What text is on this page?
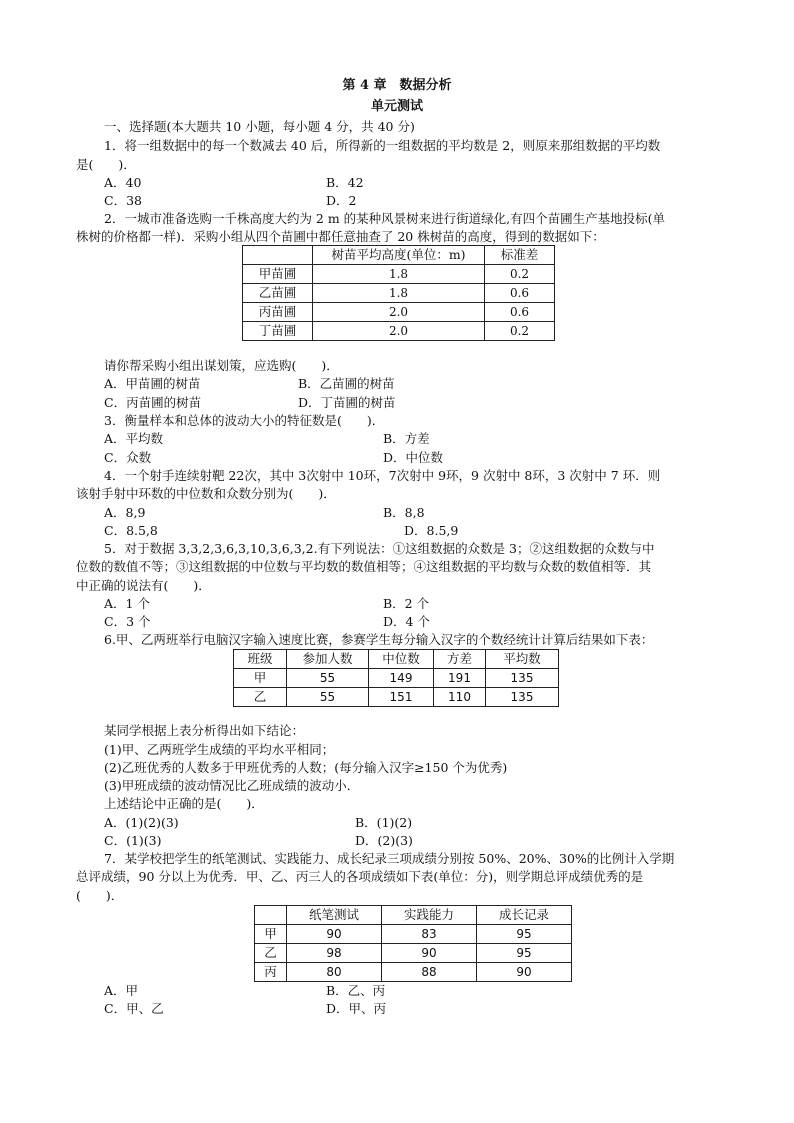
第 4 章　数据分析
单元测试
一、选择题(本大题共 10 小题，每小题 4 分，共 40 分)
1．将一组数据中的每一个数减去 40 后，所得新的一组数据的平均数是 2，则原来那组数据的平均数
是(　　)．
A．40	B．42
C．38	D．2
2．一城市准备选购一千株高度大约为 2 m 的某种风景树来进行街道绿化,有四个苗圃生产基地投标(单
株树的价格都一样)．采购小组从四个苗圃中都任意抽查了 20 株树苗的高度，得到的数据如下：
	树苗平均高度(单位：m)	标准差
甲苗圃	1.8	0.2
乙苗圃	1.8	0.6
丙苗圃	2.0	0.6
丁苗圃	2.0	0.2
请你帮采购小组出谋划策，应选购(　　)．
A．甲苗圃的树苗	B．乙苗圃的树苗
C．丙苗圃的树苗	D．丁苗圃的树苗
3．衡量样本和总体的波动大小的特征数是(　　)．
A．平均数	B．方差
C．众数	D．中位数
4．一个射手连续射靶 22次，其中 3次射中 10环，7次射中 9环，9 次射中 8环，3 次射中 7 环．则
该射手射中环数的中位数和众数分别为(　　)．
A．8,9	B．8,8
C．8.5,8	D．8.5,9
5．对于数据 3,3,2,3,6,3,10,3,6,3,2.有下列说法：①这组数据的众数是 3；②这组数据的众数与中
位数的数值不等；③这组数据的中位数与平均数的数值相等；④这组数据的平均数与众数的数值相等．其
中正确的说法有(　　)．
A．1 个	B．2 个
C．3 个	D．4 个
6.甲、乙两班举行电脑汉字输入速度比赛，参赛学生每分输入汉字的个数经统计计算后结果如下表：
班级	参加人数	中位数	方差	平均数
甲	55	149	191	135
乙	55	151	110	135
某同学根据上表分析得出如下结论：
(1)甲、乙两班学生成绩的平均水平相同；
(2)乙班优秀的人数多于甲班优秀的人数；(每分输入汉字≥150 个为优秀)
(3)甲班成绩的波动情况比乙班成绩的波动小．
上述结论中正确的是(　　)．
A．(1)(2)(3)	B．(1)(2)
C．(1)(3)	D．(2)(3)
7．某学校把学生的纸笔测试、实践能力、成长纪录三项成绩分别按 50%、20%、30%的比例计入学期
总评成绩，90 分以上为优秀．甲、乙、丙三人的各项成绩如下表(单位：分)，则学期总评成绩优秀的是
(　　)．
	纸笔测试	实践能力	成长记录
甲	90	83	95
乙	98	90	95
丙	80	88	90
A．甲	B．乙、丙
C．甲、乙	D．甲、丙
